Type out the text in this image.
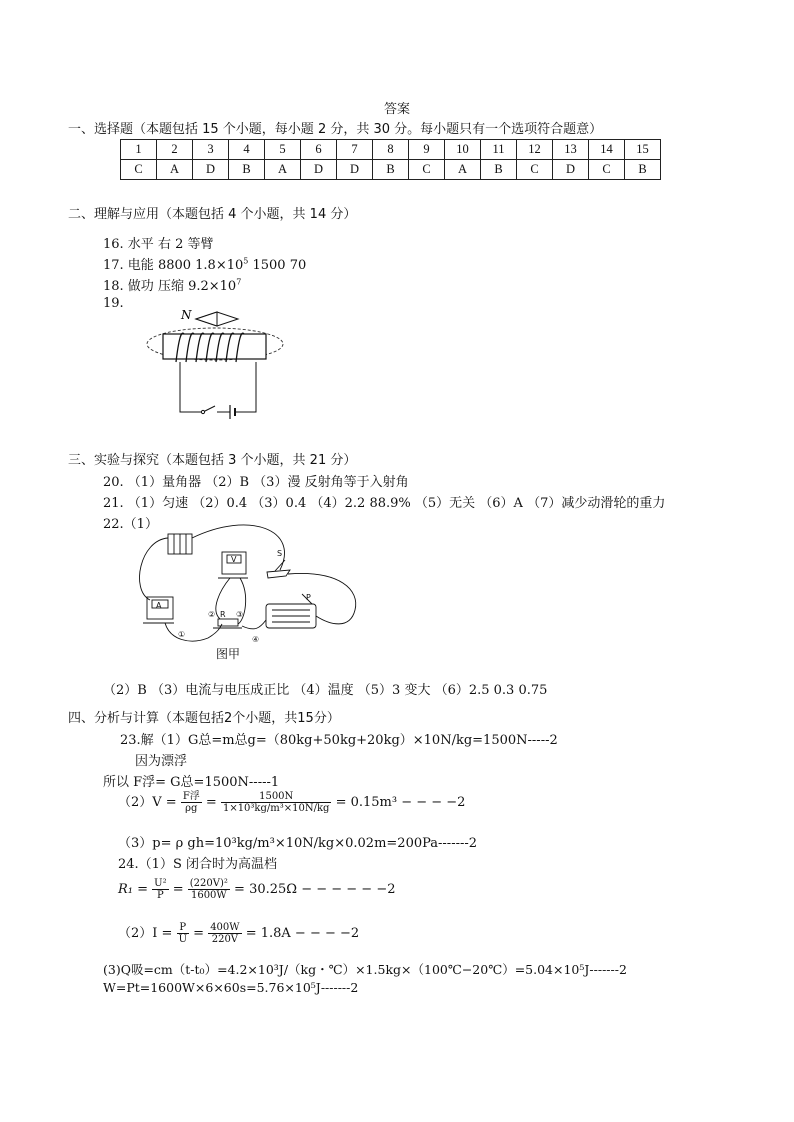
答案
一、选择题（本题包括 15 个小题，每小题 2 分，共 30 分。每小题只有一个选项符合题意）
1	2	3	4	5	6	7	8	9	10	11	12	13	14	15
C	A	D	B	A	D	D	B	C	A	B	C	D	C	B
二、理解与应用（本题包括 4 个小题，共 14 分）
16. 水平 右 2 等臂
17. 电能 8800 $1.8\times 10^5$ 1500 70
18. 做功 压缩 $9.2\times 10^7$
19.
N
三、实验与探究（本题包括 3 个小题，共 21 分）
20. （1）量角器 （2）B （3）漫 反射角等于入射角
21. （1）匀速 （2）0.4 （3）0.4 （4）2.2 88.9% （5）无关 （6）A （7）减少动滑轮的重力
22.（1）
S
P
R
A
V
①
②	③
④
图甲
（2）B （3）电流与电压成正比 （4）温度 （5）3 变大 （6）2.5 0.3 0.75
四、分析与计算（本题包括2个小题，共15分）
23.解（1）G总=m总g=（80kg+50kg+20kg）×10N/kg=1500N-----2
因为漂浮
所以 F浮= G总=1500N-----1
$(2)V = \frac{\text{F浮}}{\rho g} = \frac{1500N}{\text{1×10³kg/m³×10N/kg}} = 0.15m^3$ − − − −2
（3）p= ρ gh=10³kg/m³×10N/kg×0.02m=200Pa-------2
24.（1）S 闭合时为高温档
$R_1 = \frac{\text{U²}}{P} = \frac{\text{(220V)²}}{1600W} = 30.25\Omega$ − − − − − −2
$(2)I = \frac{P}{U} = \frac{400W}{220V} = 1.8A$ − − − −2
(3)Q吸=cm（t-t₀）=4.2×10³J/（kg・℃）×1.5kg×（100℃−20℃）=5.04×10⁵J-------2
W=Pt=1600W×6×60s=5.76×10⁵J-------2
